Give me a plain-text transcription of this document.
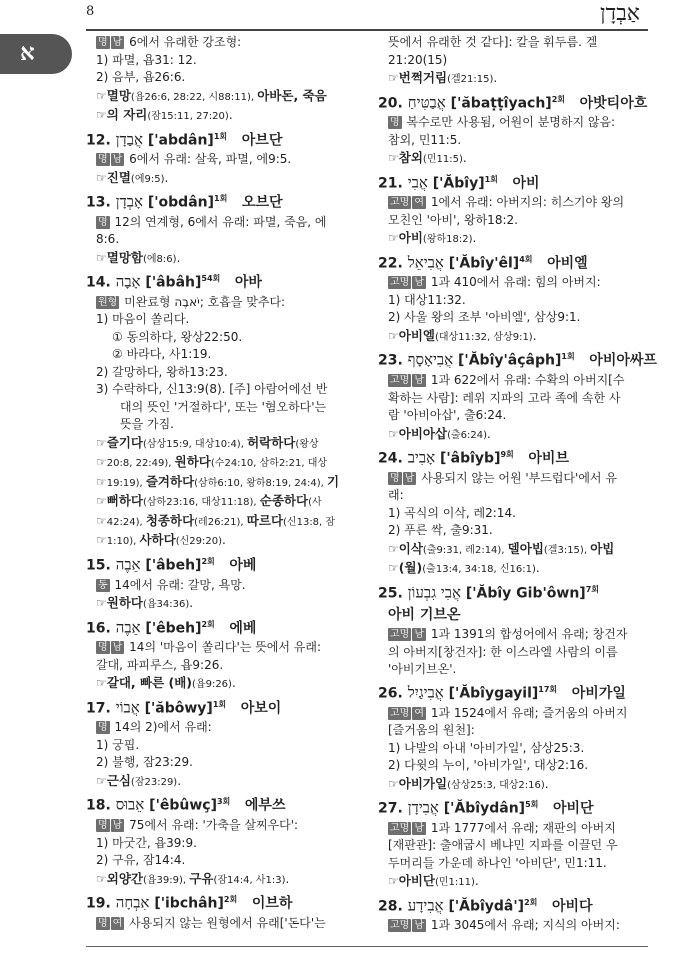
8	אַבְדָן
א	명 남 6에서 유래한 강조형:
1) 파멸, 욥31: 12.
2) 음부, 욥26:6.
☞멸망(욥26:6, 28:22, 시88:11), 아바돈, 죽음
☞의 자리(잠15:11, 27:20).
12. אֲבַדָן ['abdân]$^{1회}$ 아브단
명 남 6에서 유래: 살육, 파멸, 에9:5.
☞진멸(에9:5).
13. אָבְדָן ['obdân]$^{1회}$ 오브단
명 12의 연계형, 6에서 유래: 파멸, 죽음, 에
8:6.
☞멸망함(에8:6).
14. אָבָה ['âbâh]$^{54회}$ 아바
원형 미완료형 יֹאבֶה; 호흡을 맞추다:
1) 마음이 쏠리다.
① 동의하다, 왕상22:50.
② 바라다, 사1:19.
2) 갈망하다, 왕하13:23.
3) 수락하다, 신13:9(8). [주] 아람어에선 반
대의 뜻인 '거절하다', 또는 '혐오하다'는
뜻을 가짐.
☞즐기다(삼상15:9, 대상10:4), 허락하다(왕상
☞20:8, 22:49), 원하다(수24:10, 삼하2:21, 대상
☞19:19), 즐겨하다(삼하6:10, 왕하8:19, 24:4), 기
☞뻐하다(삼하23:16, 대상11:18), 순종하다(사
☞42:24), 청종하다(레26:21), 따르다(신13:8, 잠
☞1:10), 사하다(신29:20).
15. אֵבֶה ['âbeh]$^{2회}$ 아베
동 14에서 유래: 갈망, 욕망.
☞원하다(욥34:36).
16. אֵבֶה ['êbeh]$^{2회}$ 에베
명 남 14의 '마음이 쏠리다'는 뜻에서 유래:
갈대, 파피루스, 욥9:26.
☞갈대, 빠른 (배)(욥9:26).
17. אֲבוֹי ['ăbôwy]$^{1회}$ 아보이
명 14의 2)에서 유래:
1) 궁핍.
2) 불행, 잠23:29.
☞근심(잠23:29).
18. אֵבוּס ['êbûwç]$^{3회}$ 에부쓰
명 남 75에서 유래: '가축을 살찌우다':
1) 마굿간, 욥39:9.
2) 구유, 잠14:4.
☞외양간(욥39:9), 구유(잠14:4, 사1:3).
19. אִבְחָה ['ibchâh]$^{2회}$ 이브하
명 여 사용되지 않는 원형에서 유래['돈다'는
뜻에서 유래한 것 같다]: 칼을 휘두름. 겔
21:20(15)
☞번쩍거림(겔21:15).
20. אֲבַטִּיחַ ['ăbaṭṭîyach]$^{2회}$ 아밧티아흐
명 복수로만 사용됨, 어원이 분명하지 않음:
참외, 민11:5.
☞참외(민11:5).
21. אֲבִי ['Ăbîy]$^{1회}$ 아비
고명 여 1에서 유래: 아버지의: 히스기야 왕의
모친인 '아비', 왕하18:2.
☞아비(왕하18:2).
22. אֲבִיאֵל ['Ăbîy'êl]$^{4회}$ 아비엘
고명 남 1과 410에서 유래: 힘의 아버지:
1) 대상11:32.
2) 사울 왕의 조부 '아비엘', 삼상9:1.
☞아비엘(대상11:32, 삼상9:1).
23. אֲבִיאָסָף ['Ăbîy'âçâph]$^{1회}$ 아비아싸프
고명 남 1과 622에서 유래: 수확의 아버지[수
확하는 사람]: 레위 지파의 고라 족에 속한 사
람 '아비아삽', 출6:24.
☞아비아삽(출6:24).
24. אָבִיב ['âbîyb]$^{9회}$ 아비브
명 남 사용되지 않는 어원 '부드럽다'에서 유
래:
1) 곡식의 이삭, 레2:14.
2) 푸른 싹, 출9:31.
☞이삭(출9:31, 레2:14), 델아빕(겔3:15), 아빕
☞(월)(출13:4, 34:18, 신16:1).
25. אֲבִי גִבְעוֹן ['Ăbîy Gib'ôwn]$^{7회}$
아비 기브온
고명 남 1과 1391의 합성어에서 유래; 창건자
의 아버지[창건자]: 한 이스라엘 사람의 이름
'아비기브온'.
26. אֲבִיגַיִל ['Ăbîygayil]$^{17회}$ 아비가일
고명 여 1과 1524에서 유래; 즐거움의 아버지
[즐거움의 원천]:
1) 나발의 아내 '아비가일', 삼상25:3.
2) 다윗의 누이, '아비가일', 대상2:16.
☞아비가일(삼상25:3, 대상2:16).
27. אֲבִידָן ['Ăbîydân]$^{5회}$ 아비단
고명 남 1과 1777에서 유래; 재판의 아버지
[재판관]: 출애굽시 베냐민 지파를 이끌던 우
두머리들 가운데 하나인 '아비단', 민1:11.
☞아비단(민1:11).
28. אֲבִידָע ['Ăbîydâ']$^{2회}$ 아비다
고명 남 1과 3045에서 유래; 지식의 아버지:
